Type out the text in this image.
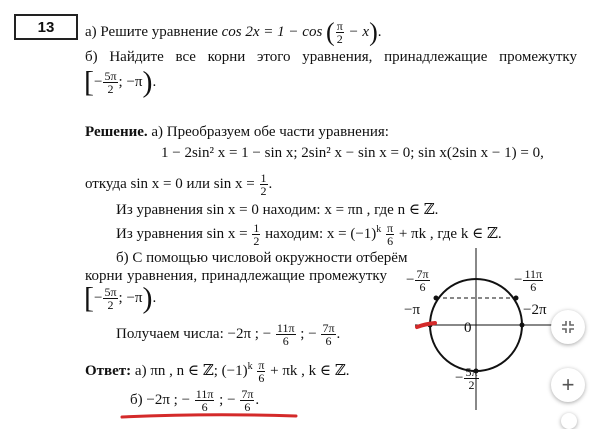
13 а) Решите уравнение cos 2x = 1 − cos ( $\frac{\pi}{2} - x$).
б) Найдите все корни этого уравнения, принадлежащие промежутку
[− $\frac{5\pi}{2}$ ; −π).
Решение. а) Преобразуем обе части уравнения:
1 − 2sin² x = 1 − sin x; 2sin² x − sin x = 0; sin x(2sin x − 1) = 0,
откуда sin x = 0 или $\sin x = \frac{1}{2}$ .
Из уравнения sin x = 0 находим: x = πn , где n ∈ ℤ.
Из уравнения $\sin x = \frac{1}{2}$ находим: $x = (-1)^k \frac{\pi}{6} + \pi k$ , где k ∈ ℤ.
б) С помощью числовой окружности отберём
корни уравнения, принадлежащие промежутку
[− $\frac{5\pi}{2}$ ; −π).
Получаем числа: −2π ; − $\frac{11\pi}{6}$ ; − $\frac{7\pi}{6}$ .
Ответ: а) πn , n ∈ ℤ; $(-1)^k \frac{\pi}{6} + \pi k$ , k ∈ ℤ.
б) −2π ; − $\frac{11\pi}{6}$ ; − $\frac{7\pi}{6}$ .
− $\frac{7\pi}{6}$	− $\frac{11\pi}{6}$
−π	−2π
0
− $\frac{5\pi}{2}$	+
